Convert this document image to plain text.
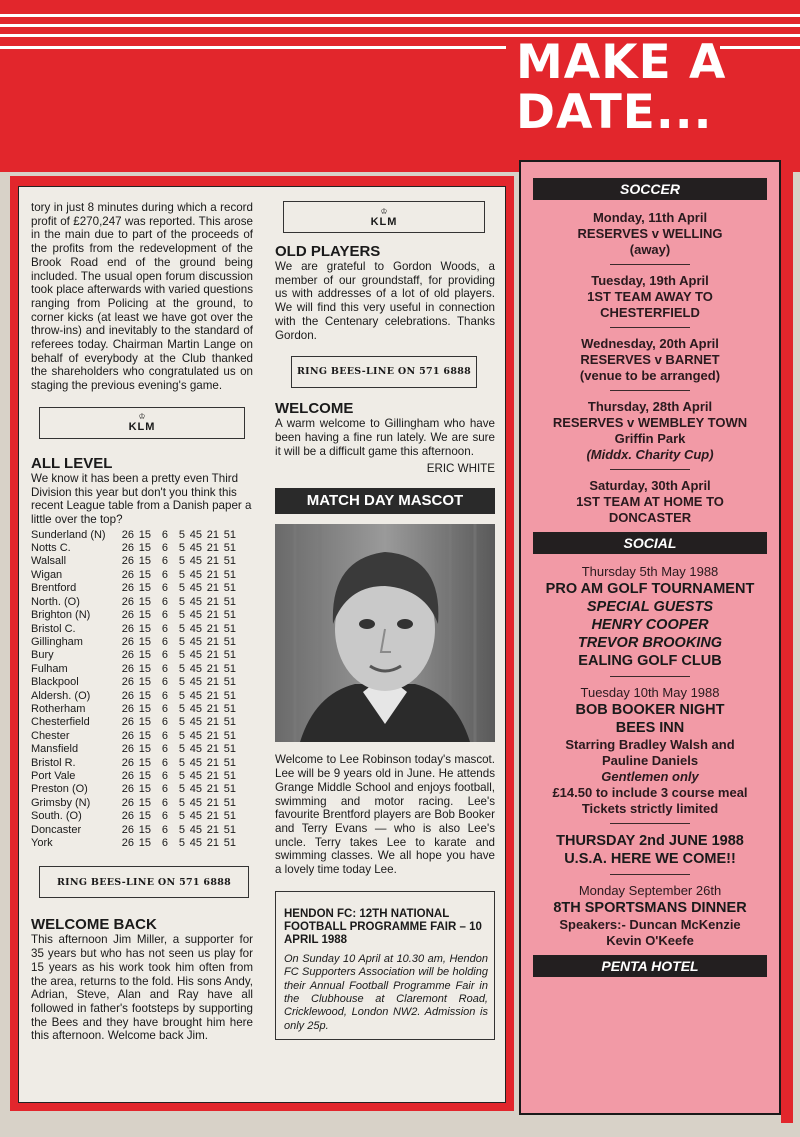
MAKE A
DATE...

tory in just 8 minutes during which a record profit of £270,247 was reported. This arose in the main due to part of the proceeds of the profits from the redevelopment of the Brook Road end of the ground being included. The usual open forum discussion took place afterwards with varied questions ranging from Policing at the ground, to corner kicks (at least we have got over the throw-ins) and inevitably to the standard of referees today. Chairman Martin Lange on behalf of everybody at the Club thanked the shareholders who congratulated us on staging the previous evening's game.

♔
KLM
ALL LEVEL

We know it has been a pretty even Third Division this year but don't you think this recent League table from a Danish paper a little over the top?

Sunderland (N)	26	15	6	5	45	21	51
Notts C.	26	15	6	5	45	21	51
Walsall	26	15	6	5	45	21	51
Wigan	26	15	6	5	45	21	51
Brentford	26	15	6	5	45	21	51
North. (O)	26	15	6	5	45	21	51
Brighton (N)	26	15	6	5	45	21	51
Bristol C.	26	15	6	5	45	21	51
Gillingham	26	15	6	5	45	21	51
Bury	26	15	6	5	45	21	51
Fulham	26	15	6	5	45	21	51
Blackpool	26	15	6	5	45	21	51
Aldersh. (O)	26	15	6	5	45	21	51
Rotherham	26	15	6	5	45	21	51
Chesterfield	26	15	6	5	45	21	51
Chester	26	15	6	5	45	21	51
Mansfield	26	15	6	5	45	21	51
Bristol R.	26	15	6	5	45	21	51
Port Vale	26	15	6	5	45	21	51
Preston (O)	26	15	6	5	45	21	51
Grimsby (N)	26	15	6	5	45	21	51
South. (O)	26	15	6	5	45	21	51
Doncaster	26	15	6	5	45	21	51
York	26	15	6	5	45	21	51
RING BEES-LINE ON 571 6888
WELCOME BACK

This afternoon Jim Miller, a supporter for 35 years but who has not seen us play for 15 years as his work took him often from the area, returns to the fold. His sons Andy, Adrian, Steve, Alan and Ray have all followed in father's footsteps by supporting the Bees and they have brought him here this afternoon. Welcome back Jim.

♔
KLM
OLD PLAYERS

We are grateful to Gordon Woods, a member of our groundstaff, for providing us with addresses of a lot of old players. We will find this very useful in connection with the Centenary celebrations. Thanks Gordon.

RING BEES-LINE ON 571 6888
WELCOME

A warm welcome to Gillingham who have been having a fine run lately. We are sure it will be a difficult game this afternoon.

ERIC WHITE

MATCH DAY MASCOT

Welcome to Lee Robinson today's mascot. Lee will be 9 years old in June. He attends Grange Middle School and enjoys football, swimming and motor racing. Lee's favourite Brentford players are Bob Booker and Terry Evans — who is also Lee's uncle. Terry takes Lee to karate and swimming classes. We all hope you have a lovely time today Lee.

HENDON FC: 12TH NATIONAL FOOTBALL PROGRAMME FAIR – 10 APRIL 1988

On Sunday 10 April at 10.30 am, Hendon FC Supporters Association will be holding their Annual Football Programme Fair in the Clubhouse at Claremont Road, Cricklewood, London NW2. Admission is only 25p.

SOCCER
Monday, 11th April
RESERVES v WELLING
(away)
Tuesday, 19th April
1ST TEAM AWAY TO
CHESTERFIELD
Wednesday, 20th April
RESERVES v BARNET
(venue to be arranged)
Thursday, 28th April
RESERVES v WEMBLEY TOWN
Griffin Park
(Middx. Charity Cup)
Saturday, 30th April
1ST TEAM AT HOME TO
DONCASTER
SOCIAL
Thursday 5th May 1988
PRO AM GOLF TOURNAMENT
SPECIAL GUESTS
HENRY COOPER
TREVOR BROOKING
EALING GOLF CLUB
Tuesday 10th May 1988
BOB BOOKER NIGHT
BEES INN
Starring Bradley Walsh and
Pauline Daniels
Gentlemen only
£14.50 to include 3 course meal
Tickets strictly limited
THURSDAY 2nd JUNE 1988
U.S.A. HERE WE COME!!
Monday September 26th
8TH SPORTSMANS DINNER
Speakers:- Duncan McKenzie
Kevin O'Keefe
PENTA HOTEL
